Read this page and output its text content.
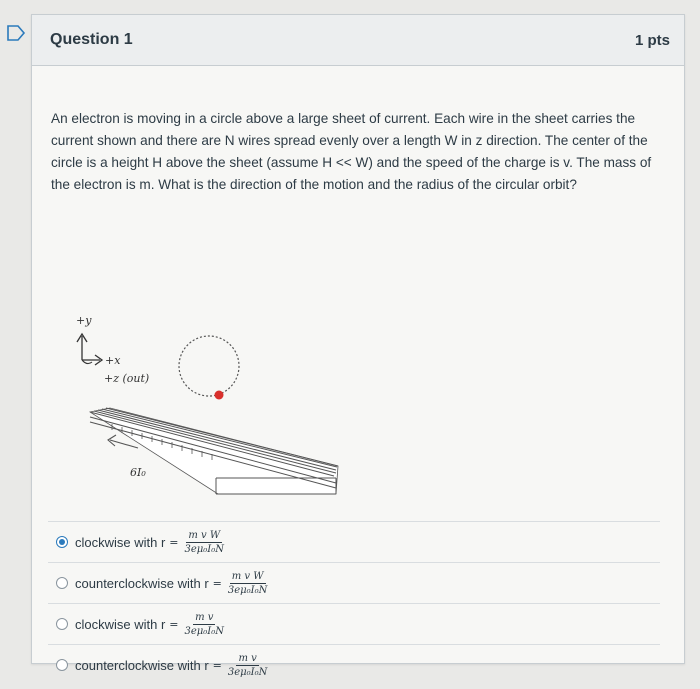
Question 1	1 pts
An electron is moving in a circle above a large sheet of current. Each wire in the sheet carries the current shown and there are N wires spread evenly over a length W in z direction. The center of the circle is a height H above the sheet (assume H << W) and the speed of the charge is v. The mass of the electron is m. What is the direction of the motion and the radius of the circular orbit?
+y
+x
+z (out)
6I₀
clockwise with $r = \frac{\text{m v W}}{\text{3eμ₀I₀N}}$
counterclockwise with $r = \frac{\text{m v W}}{\text{3eμ₀I₀N}}$
clockwise with $r = \frac{\text{m v}}{\text{3eμ₀I₀N}}$
counterclockwise with $r = \frac{\text{m v}}{\text{3eμ₀I₀N}}$
